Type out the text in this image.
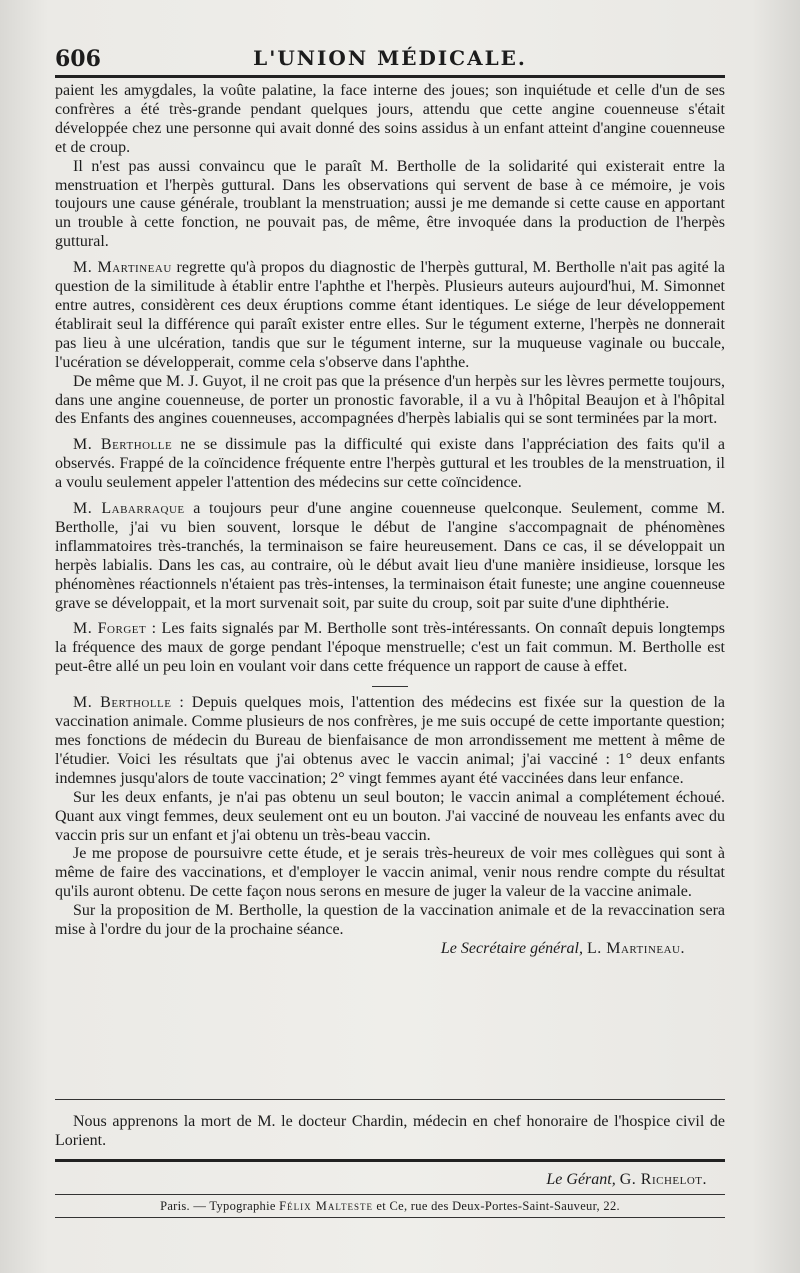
606	L'UNION MÉDICALE.

paient les amygdales, la voûte palatine, la face interne des joues; son inquiétude et celle d'un de ses confrères a été très-grande pendant quelques jours, attendu que cette angine couenneuse s'était développée chez une personne qui avait donné des soins assidus à un enfant atteint d'angine couenneuse et de croup.

Il n'est pas aussi convaincu que le paraît M. Bertholle de la solidarité qui existerait entre la menstruation et l'herpès guttural. Dans les observations qui servent de base à ce mémoire, je vois toujours une cause générale, troublant la menstruation; aussi je me demande si cette cause en apportant un trouble à cette fonction, ne pouvait pas, de même, être invoquée dans la production de l'herpès guttural.

M. Martineau regrette qu'à propos du diagnostic de l'herpès guttural, M. Bertholle n'ait pas agité la question de la similitude à établir entre l'aphthe et l'herpès. Plusieurs auteurs aujourd'hui, M. Simonnet entre autres, considèrent ces deux éruptions comme étant identiques. Le siége de leur développement établirait seul la différence qui paraît exister entre elles. Sur le tégument externe, l'herpès ne donnerait pas lieu à une ulcération, tandis que sur le tégument interne, sur la muqueuse vaginale ou buccale, l'ucération se développerait, comme cela s'observe dans l'aphthe.

De même que M. J. Guyot, il ne croit pas que la présence d'un herpès sur les lèvres permette toujours, dans une angine couenneuse, de porter un pronostic favorable, il a vu à l'hôpital Beaujon et à l'hôpital des Enfants des angines couenneuses, accompagnées d'herpès labialis qui se sont terminées par la mort.

M. Bertholle ne se dissimule pas la difficulté qui existe dans l'appréciation des faits qu'il a observés. Frappé de la coïncidence fréquente entre l'herpès guttural et les troubles de la menstruation, il a voulu seulement appeler l'attention des médecins sur cette coïncidence.

M. Labarraque a toujours peur d'une angine couenneuse quelconque. Seulement, comme M. Bertholle, j'ai vu bien souvent, lorsque le début de l'angine s'accompagnait de phénomènes inflammatoires très-tranchés, la terminaison se faire heureusement. Dans ce cas, il se développait un herpès labialis. Dans les cas, au contraire, où le début avait lieu d'une manière insidieuse, lorsque les phénomènes réactionnels n'étaient pas très-intenses, la terminaison était funeste; une angine couenneuse grave se développait, et la mort survenait soit, par suite du croup, soit par suite d'une diphthérie.

M. Forget : Les faits signalés par M. Bertholle sont très-intéressants. On connaît depuis longtemps la fréquence des maux de gorge pendant l'époque menstruelle; c'est un fait commun. M. Bertholle est peut-être allé un peu loin en voulant voir dans cette fréquence un rapport de cause à effet.

M. Bertholle : Depuis quelques mois, l'attention des médecins est fixée sur la question de la vaccination animale. Comme plusieurs de nos confrères, je me suis occupé de cette importante question; mes fonctions de médecin du Bureau de bienfaisance de mon arrondissement me mettent à même de l'étudier. Voici les résultats que j'ai obtenus avec le vaccin animal; j'ai vacciné : 1° deux enfants indemnes jusqu'alors de toute vaccination; 2° vingt femmes ayant été vaccinées dans leur enfance.

Sur les deux enfants, je n'ai pas obtenu un seul bouton; le vaccin animal a complétement échoué. Quant aux vingt femmes, deux seulement ont eu un bouton. J'ai vacciné de nouveau les enfants avec du vaccin pris sur un enfant et j'ai obtenu un très-beau vaccin.

Je me propose de poursuivre cette étude, et je serais très-heureux de voir mes collègues qui sont à même de faire des vaccinations, et d'employer le vaccin animal, venir nous rendre compte du résultat qu'ils auront obtenu. De cette façon nous serons en mesure de juger la valeur de la vaccine animale.

Sur la proposition de M. Bertholle, la question de la vaccination animale et de la revaccination sera mise à l'ordre du jour de la prochaine séance.

Le Secrétaire général, L. Martineau.

Nous apprenons la mort de M. le docteur Chardin, médecin en chef honoraire de l'hospice civil de Lorient.

Le Gérant, G. Richelot.

Paris. — Typographie Félix Malteste et Ce, rue des Deux-Portes-Saint-Sauveur, 22.
